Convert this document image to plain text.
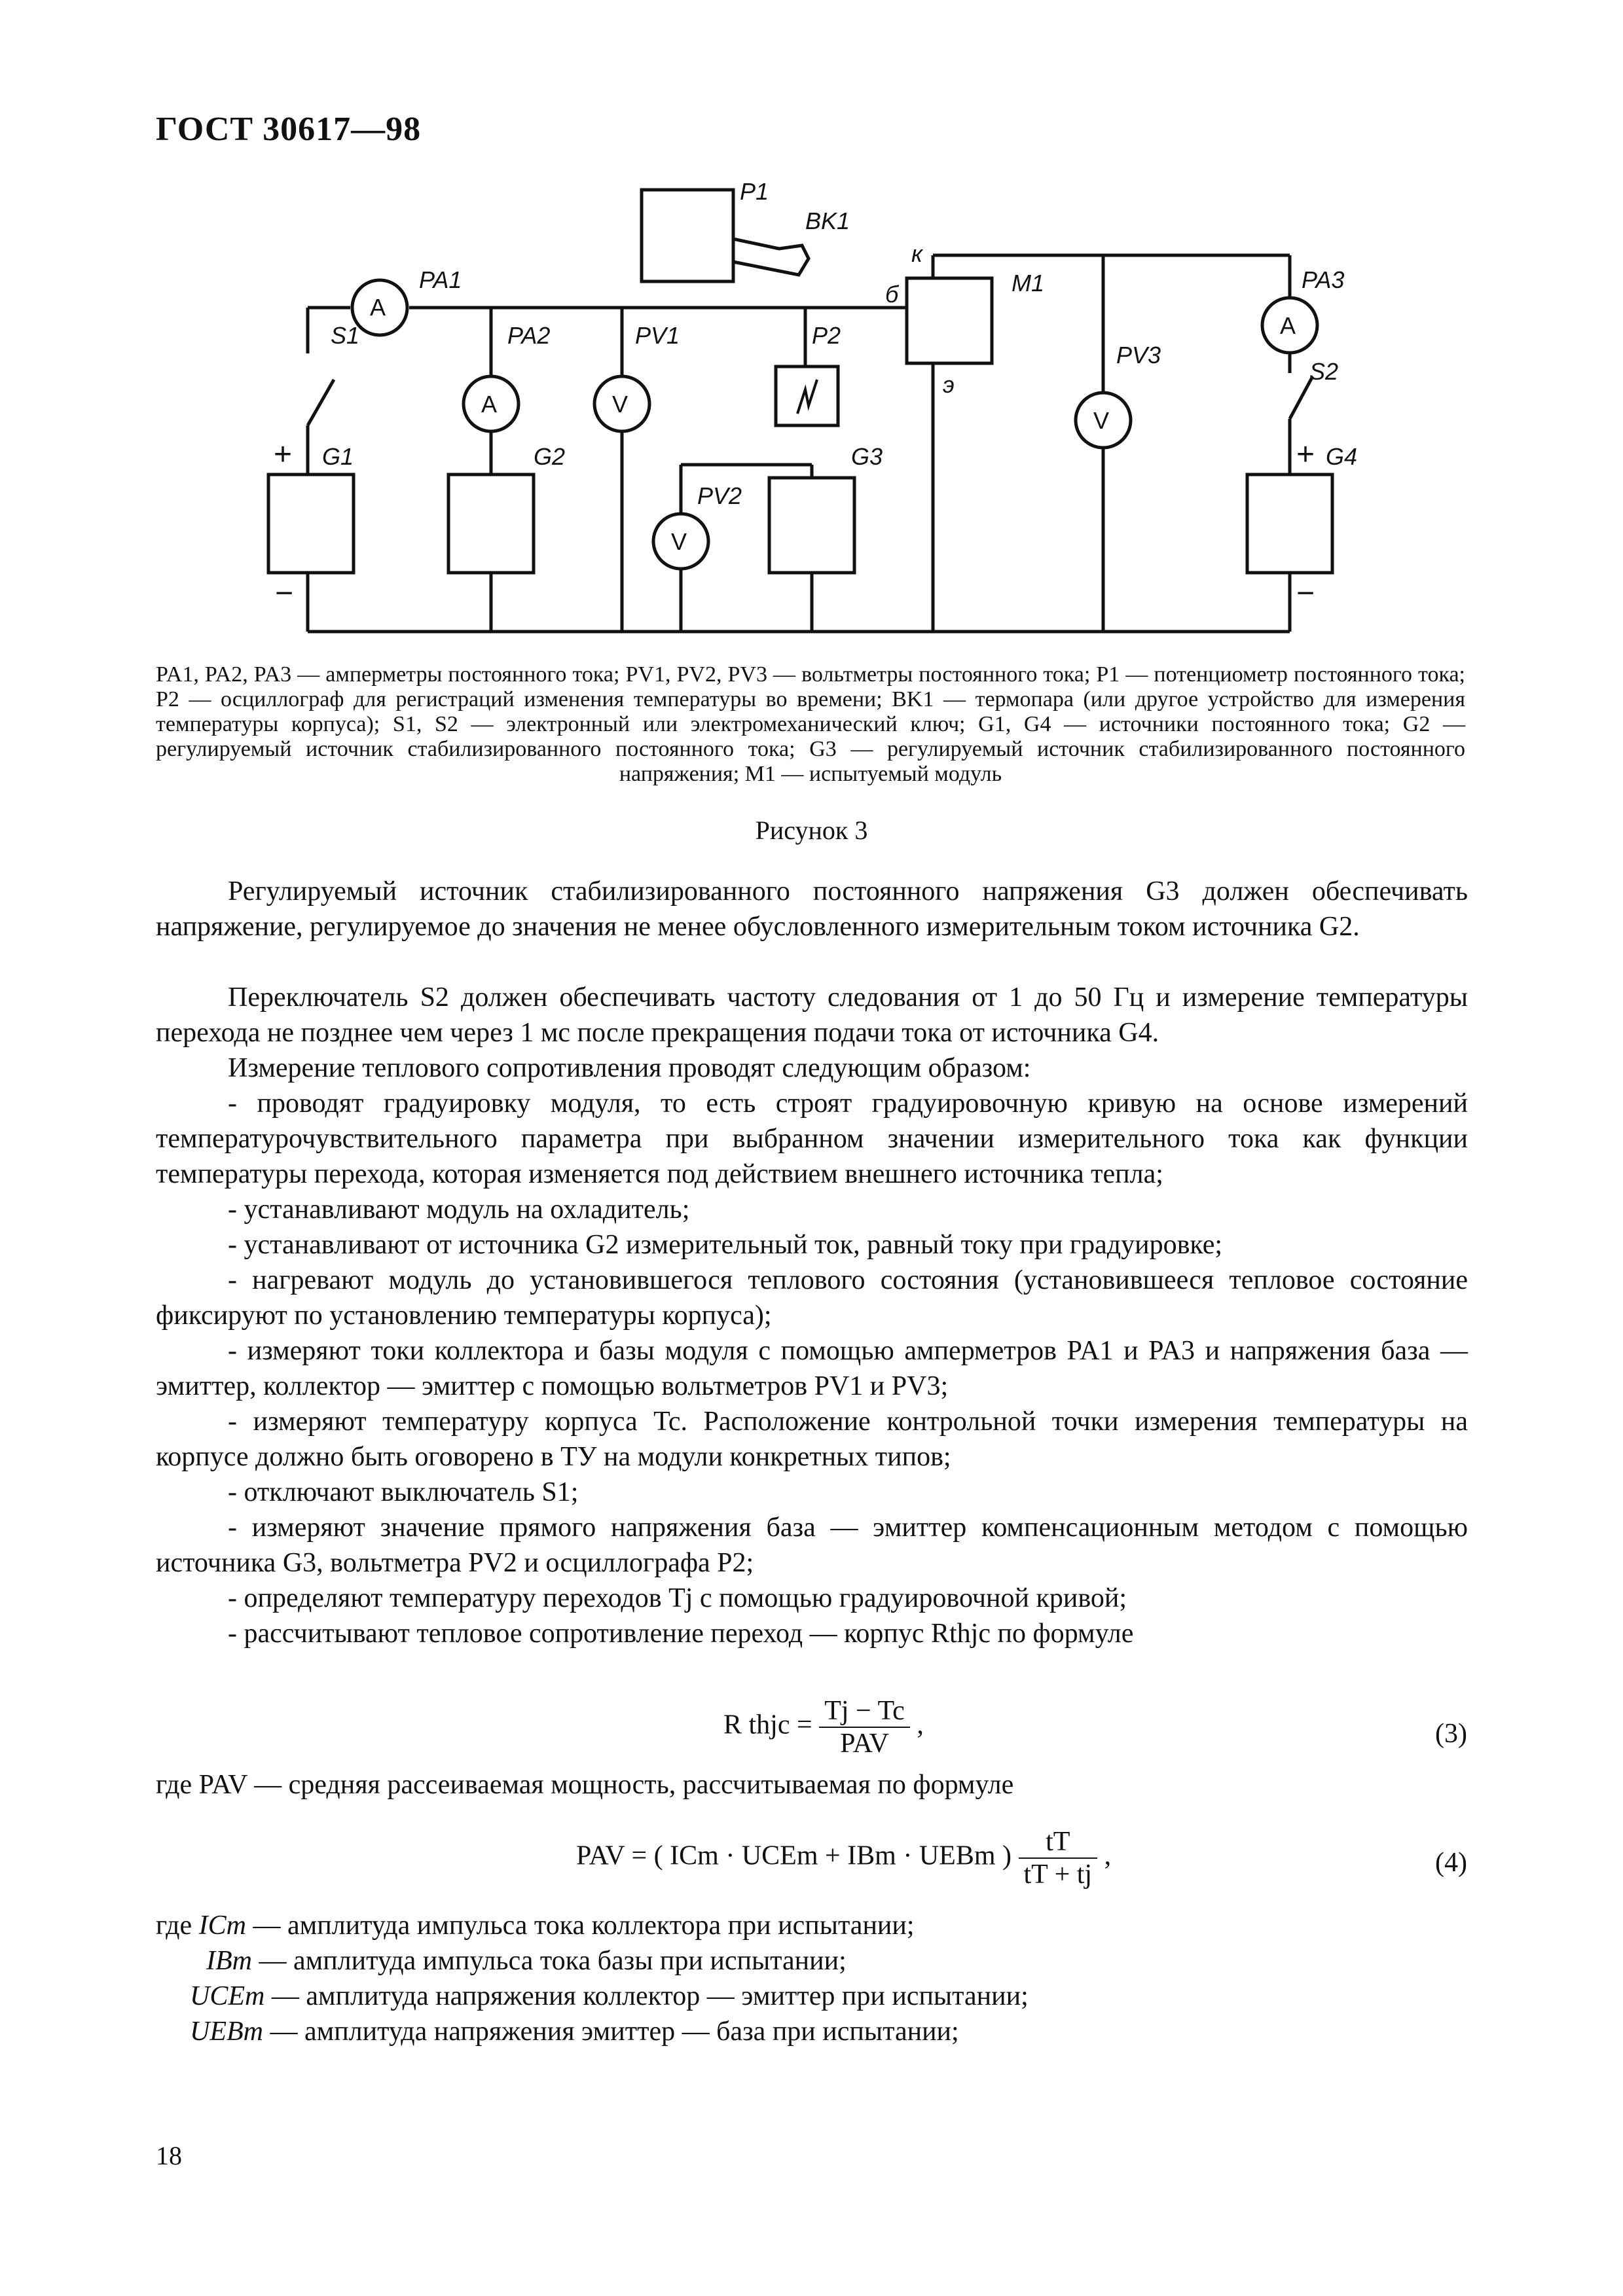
ГОСТ 30617—98
P1
BK1
PA1
A
S1	PA2
A
PV1
V
P2
б
к
M1
э
PA3
A
S2
PV3
V
G1	G2	G3
PV2
V
G4
+
−
+
−
PA1, PA2, PA3 — амперметры постоянного тока; PV1, PV2, PV3 — вольтметры постоянного тока; P1 — потенциометр постоянного тока; P2 — осциллограф для регистраций изменения температуры во времени; BK1 — термопара (или другое устройство для измерения температуры корпуса); S1, S2 — электронный или электромеханический ключ; G1, G4 — источники постоянного тока; G2 — регулируемый источник стабилизированного постоянного тока; G3 — регулируемый источник стабилизированного постоянного напряжения; M1 — испытуемый модуль
Рисунок 3
Регулируемый источник стабилизированного постоянного напряжения G3 должен обеспечивать напряжение, регулируемое до значения не менее обусловленного измерительным током источника G2.
Переключатель S2 должен обеспечивать частоту следования от 1 до 50 Гц и измерение температуры перехода не позднее чем через 1 мс после прекращения подачи тока от источника G4.
Измерение теплового сопротивления проводят следующим образом:
- проводят градуировку модуля, то есть строят градуировочную кривую на основе измерений температурочувствительного параметра при выбранном значении измерительного тока как функции температуры перехода, которая изменяется под действием внешнего источника тепла;
- устанавливают модуль на охладитель;
- устанавливают от источника G2 измерительный ток, равный току при градуировке;
- нагревают модуль до установившегося теплового состояния (установившееся тепловое состояние фиксируют по установлению температуры корпуса);
- измеряют токи коллектора и базы модуля с помощью амперметров PA1 и PA3 и напряжения база — эмиттер, коллектор — эмиттер с помощью вольтметров PV1 и PV3;
- измеряют температуру корпуса Tc. Расположение контрольной точки измерения температуры на корпусе должно быть оговорено в ТУ на модули конкретных типов;
- отключают выключатель S1;
- измеряют значение прямого напряжения база — эмиттер компенсационным методом с помощью источника G3, вольтметра PV2 и осциллографа P2;
- определяют температуру переходов Tj с помощью градуировочной кривой;
- рассчитывают тепловое сопротивление переход — корпус Rthjc по формуле
R thjc = $\frac{Tj - Tc}{\text{PAV}}$ ,	(3)
где PAV — средняя рассеиваемая мощность, рассчитываемая по формуле
PAV = ( ICm · UCEm + IBm · UEBm ) $\frac{tT}{tT + tj}$ ,	(4)
где ICm — амплитуда импульса тока коллектора при испытании;
IBm — амплитуда импульса тока базы при испытании;
UCEm — амплитуда напряжения коллектор — эмиттер при испытании;
UEBm — амплитуда напряжения эмиттер — база при испытании;
18
